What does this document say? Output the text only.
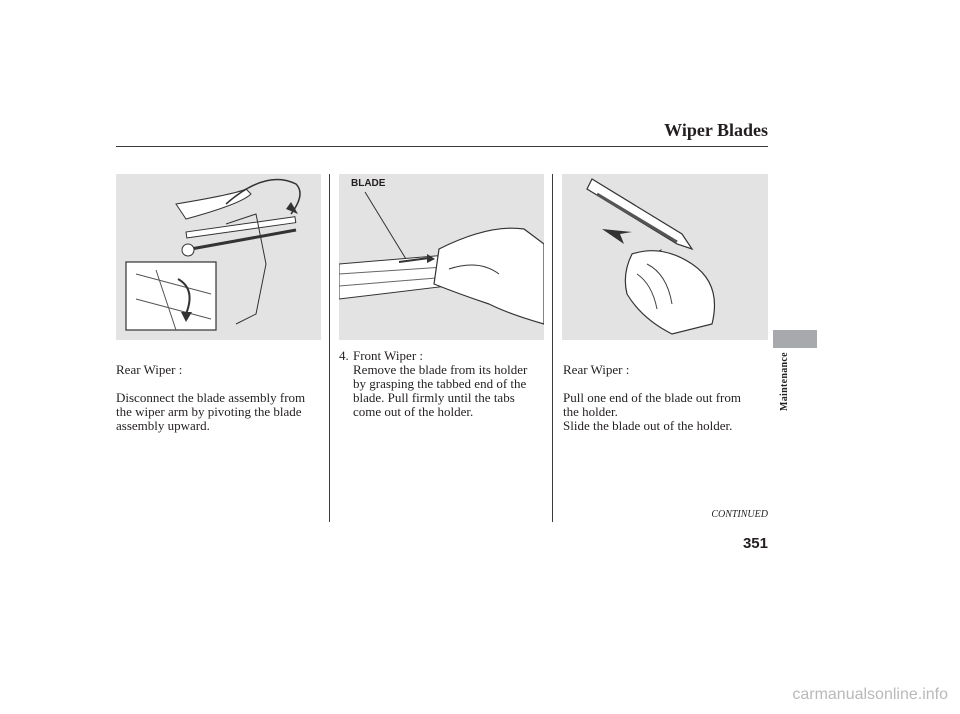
Wiper Blades
BLADE

Rear Wiper :

Disconnect the blade assembly from
the wiper arm by pivoting the blade
assembly upward.

4. Front Wiper :
Remove the blade from its holder
by grasping the tabbed end of the
blade. Pull firmly until the tabs
come out of the holder.

Rear Wiper :

Pull one end of the blade out from
the holder.
Slide the blade out of the holder.

Maintenance
CONTINUED
351
carmanualsonline.info
